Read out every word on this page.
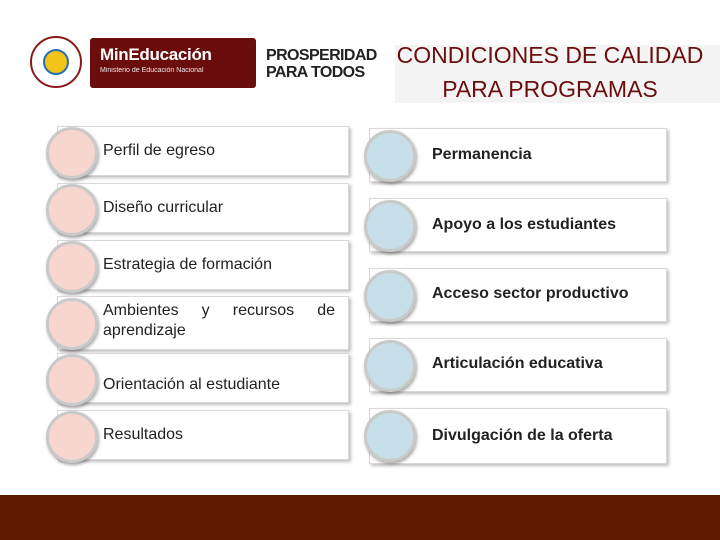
MinEducación
Ministerio de Educación Nacional
PROSPERIDAD
PARA TODOS
CONDICIONES DE CALIDAD
PARA PROGRAMAS
Perfil de egreso
Diseño curricular
Estrategia de formación
Ambientes y recursos de aprendizaje
Orientación al estudiante
Resultados
Permanencia
Apoyo a los estudiantes
Acceso sector productivo
Articulación educativa
Divulgación de la oferta
